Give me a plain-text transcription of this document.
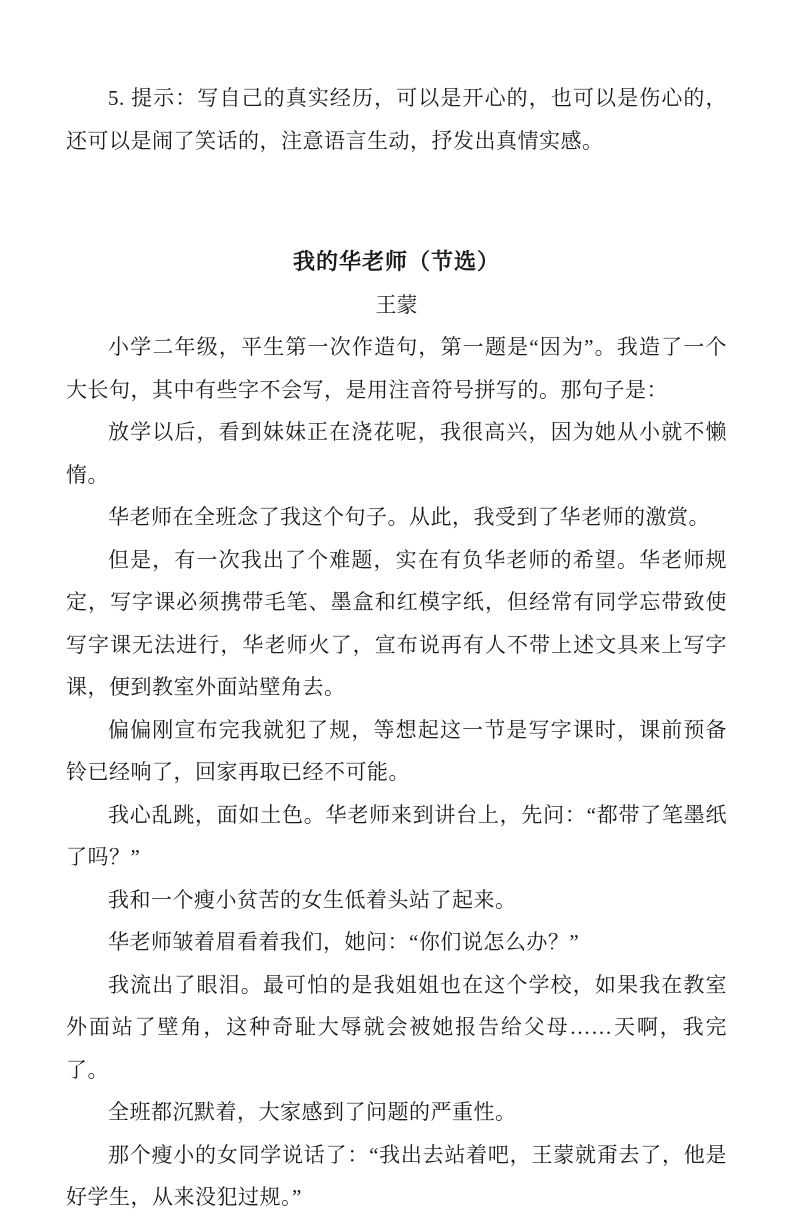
5. 提示：写自己的真实经历，可以是开心的，也可以是伤心的，还可以是闹了笑话的，注意语言生动，抒发出真情实感。

我的华老师（节选）

王蒙

小学二年级，平生第一次作造句，第一题是“因为”。我造了一个大长句，其中有些字不会写，是用注音符号拼写的。那句子是：

放学以后，看到妹妹正在浇花呢，我很高兴，因为她从小就不懒惰。

华老师在全班念了我这个句子。从此，我受到了华老师的激赏。

但是，有一次我出了个难题，实在有负华老师的希望。华老师规定，写字课必须携带毛笔、墨盒和红模字纸，但经常有同学忘带致使写字课无法进行，华老师火了，宣布说再有人不带上述文具来上写字课，便到教室外面站壁角去。

偏偏刚宣布完我就犯了规，等想起这一节是写字课时，课前预备铃已经响了，回家再取已经不可能。

我心乱跳，面如土色。华老师来到讲台上，先问：“都带了笔墨纸了吗？”

我和一个瘦小贫苦的女生低着头站了起来。

华老师皱着眉看着我们，她问：“你们说怎么办？”

我流出了眼泪。最可怕的是我姐姐也在这个学校，如果我在教室外面站了壁角，这种奇耻大辱就会被她报告给父母……天啊，我完了。

全班都沉默着，大家感到了问题的严重性。

那个瘦小的女同学说话了：“我出去站着吧，王蒙就甭去了，他是好学生，从来没犯过规。”
